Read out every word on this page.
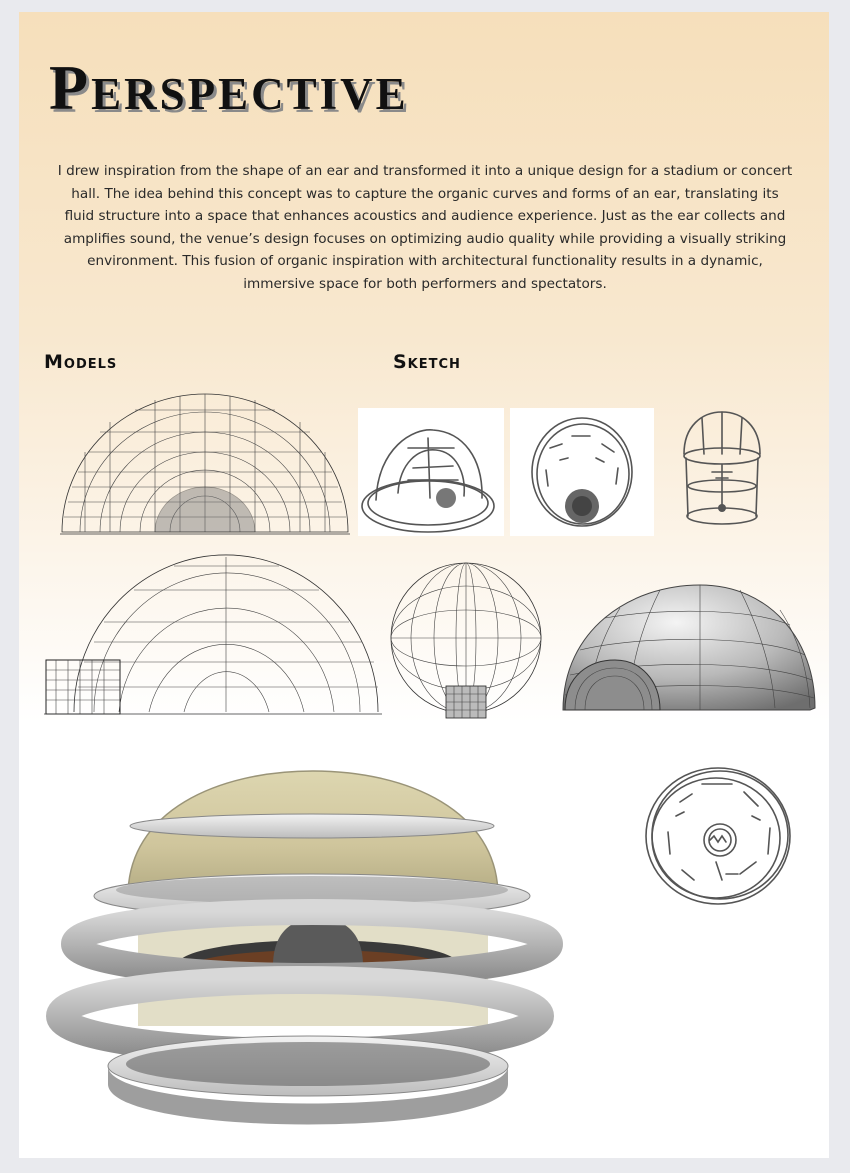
Perspective

I drew inspiration from the shape of an ear and transformed it into a unique design for a stadium or concert hall. The idea behind this concept was to capture the organic curves and forms of an ear, translating its fluid structure into a space that enhances acoustics and audience experience. Just as the ear collects and amplifies sound, the venue’s design focuses on optimizing audio quality while providing a visually striking environment. This fusion of organic inspiration with architectural functionality results in a dynamic, immersive space for both performers and spectators.

Models	Sketch
